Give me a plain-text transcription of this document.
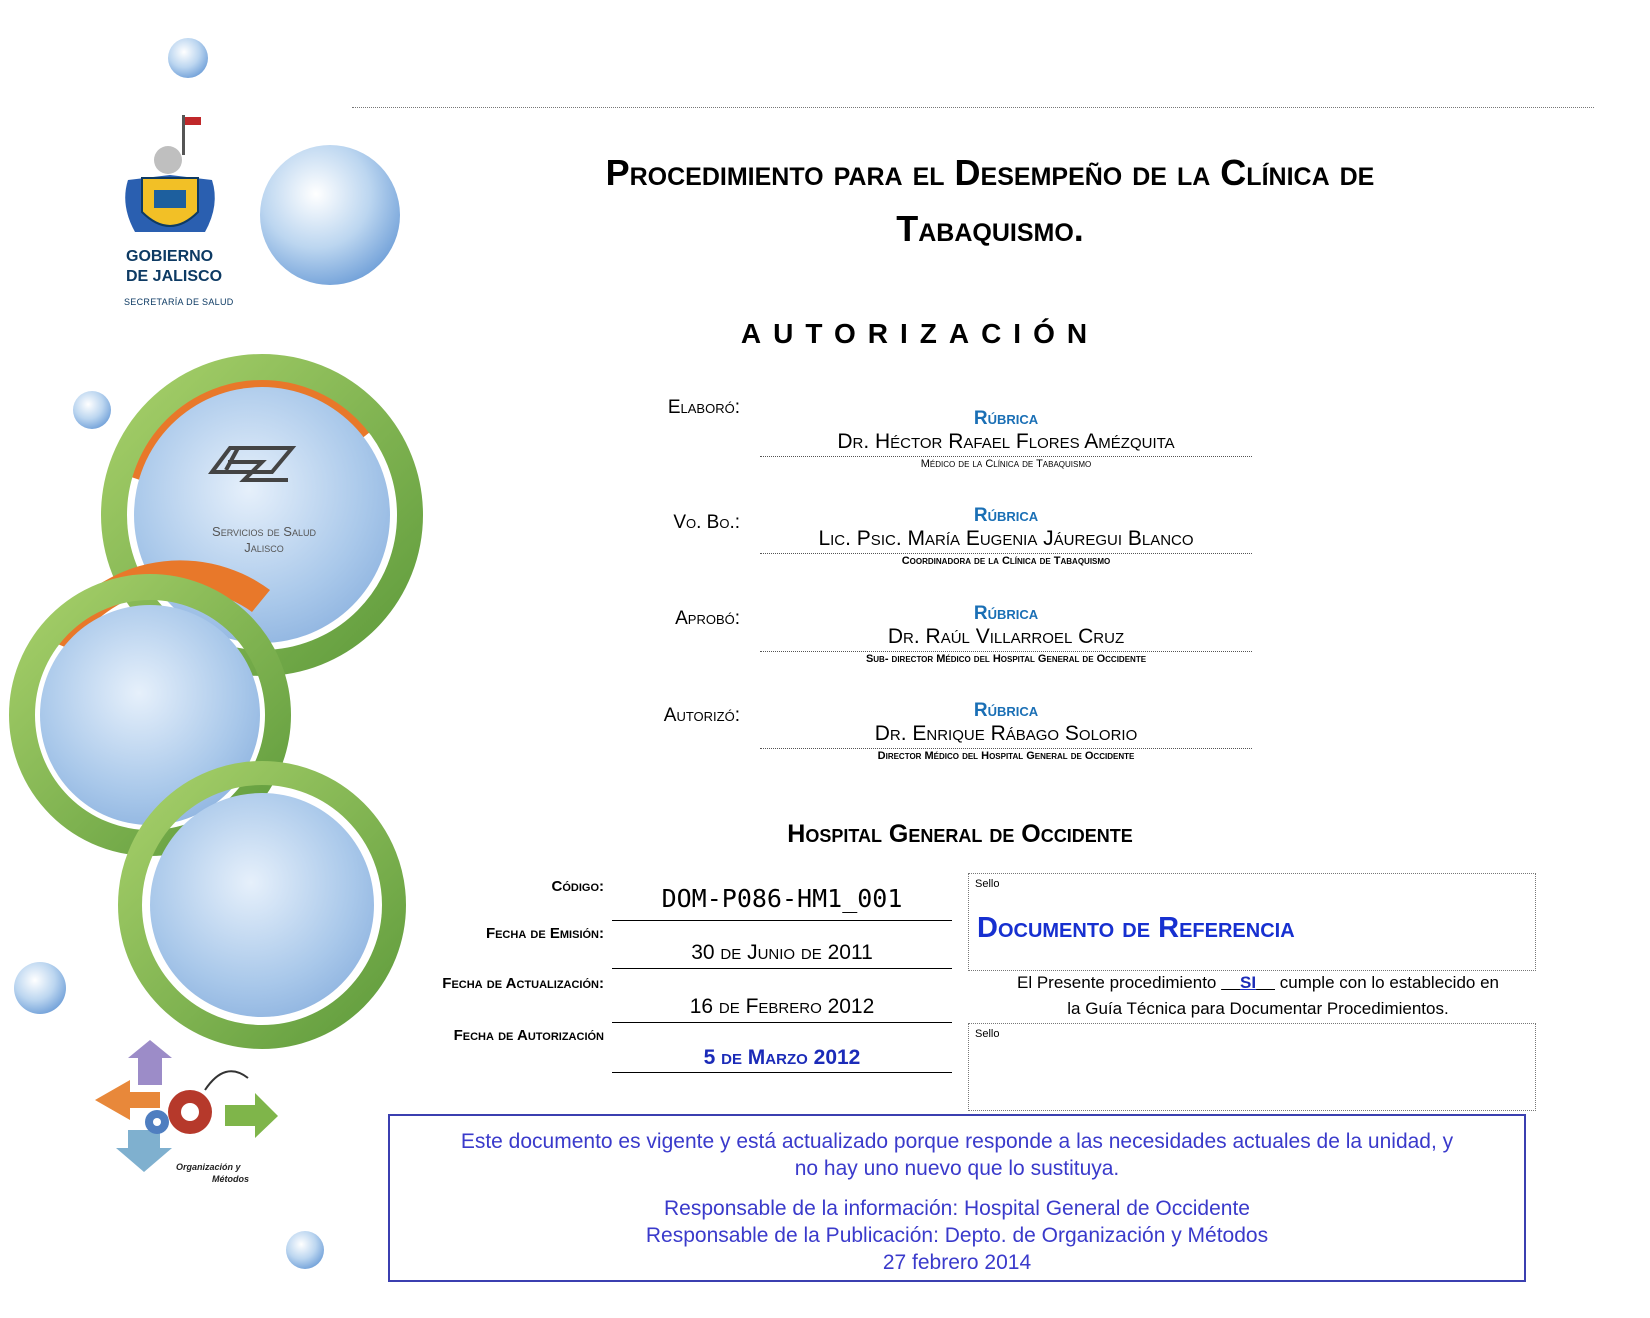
GOBIERNO
DE JALISCO
SECRETARÍA DE SALUD
Servicios de Salud
Jalisco
Organización y
Métodos
Procedimiento para el Desempeño de la Clínica de
Tabaquismo.
AUTORIZACIÓN
Elaboró:
Rúbrica
Dr. Héctor Rafael Flores Amézquita
Médico de la Clínica de Tabaquismo
Vo. Bo.:	Rúbrica
Lic. Psic. María Eugenia Jáuregui Blanco
Coordinadora de la Clínica de Tabaquismo
Aprobó:	Rúbrica
Dr. Raúl Villarroel Cruz
Sub- director Médico del Hospital General de Occidente
Autorizó:	Rúbrica
Dr. Enrique Rábago Solorio
Director Médico del Hospital General de Occidente
Hospital General de Occidente
Código:	DOM-P086-HM1_001
Fecha de Emisión:
30 de Junio de 2011
Fecha de Actualización:
16 de Febrero 2012
Fecha de Autorización
5 de Marzo 2012
Sello
Documento de Referencia
El Presente procedimiento SI cumple con lo establecido en
la Guía Técnica para Documentar Procedimientos.
Sello
Este documento es vigente y está actualizado porque responde a las necesidades actuales de la unidad, y
no hay uno nuevo que lo sustituya.
Responsable de la información: Hospital General de Occidente
Responsable de la Publicación: Depto. de Organización y Métodos
27 febrero 2014
